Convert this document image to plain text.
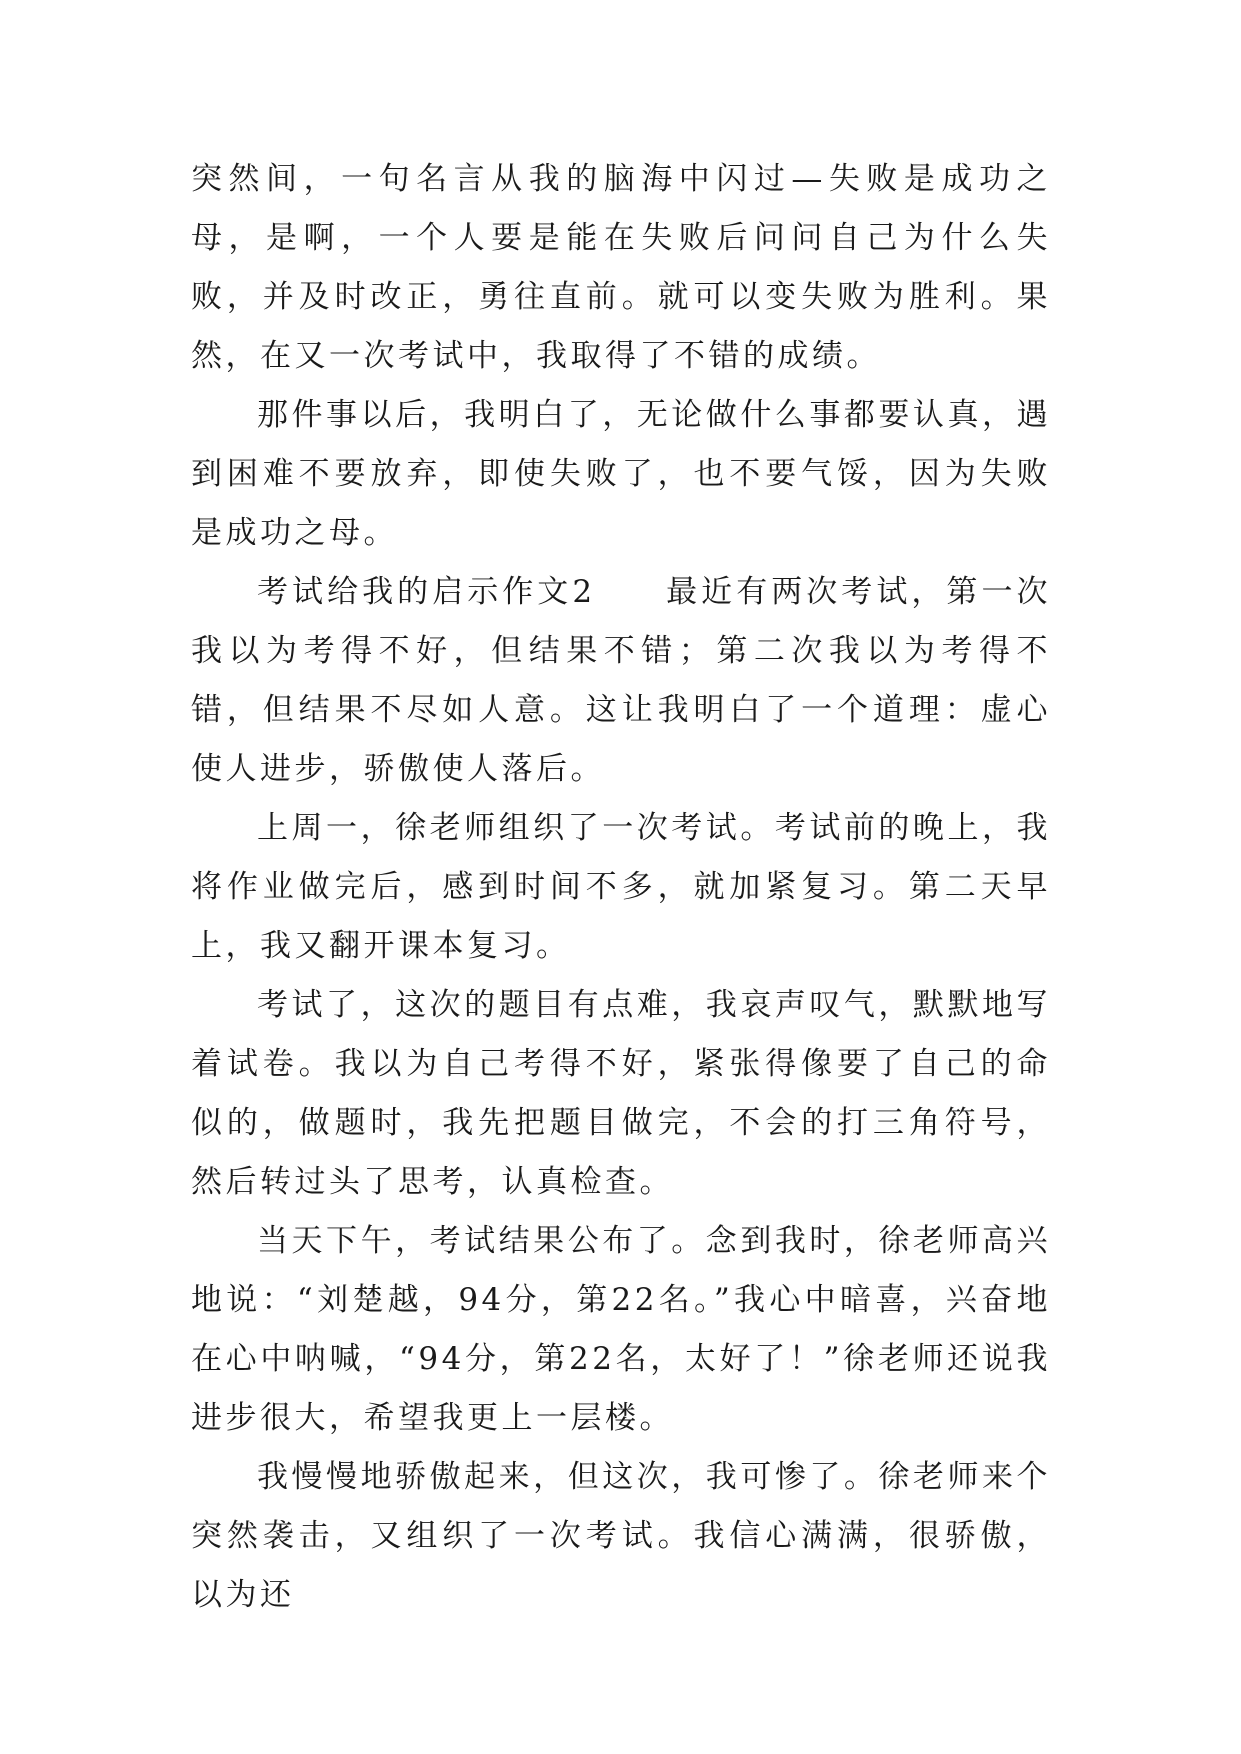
突然间，一句名言从我的脑海中闪过—失败是成功之母，是啊，一个人要是能在失败后问问自己为什么失败，并及时改正，勇往直前。就可以变失败为胜利。果然，在又一次考试中，我取得了不错的成绩。

那件事以后，我明白了，无论做什么事都要认真，遇到困难不要放弃，即使失败了，也不要气馁，因为失败是成功之母。

考试给我的启示作文2 最近有两次考试，第一次我以为考得不好，但结果不错；第二次我以为考得不错，但结果不尽如人意。这让我明白了一个道理：虚心使人进步，骄傲使人落后。

上周一，徐老师组织了一次考试。考试前的晚上，我将作业做完后，感到时间不多，就加紧复习。第二天早上，我又翻开课本复习。

考试了，这次的题目有点难，我哀声叹气，默默地写着试卷。我以为自己考得不好，紧张得像要了自己的命似的，做题时，我先把题目做完，不会的打三角符号，然后转过头了思考，认真检查。

当天下午，考试结果公布了。念到我时，徐老师高兴地说：“刘楚越，94分，第22名。”我心中暗喜，兴奋地在心中呐喊，“94分，第22名，太好了！”徐老师还说我进步很大，希望我更上一层楼。

我慢慢地骄傲起来，但这次，我可惨了。徐老师来个突然袭击，又组织了一次考试。我信心满满，很骄傲，以为还
